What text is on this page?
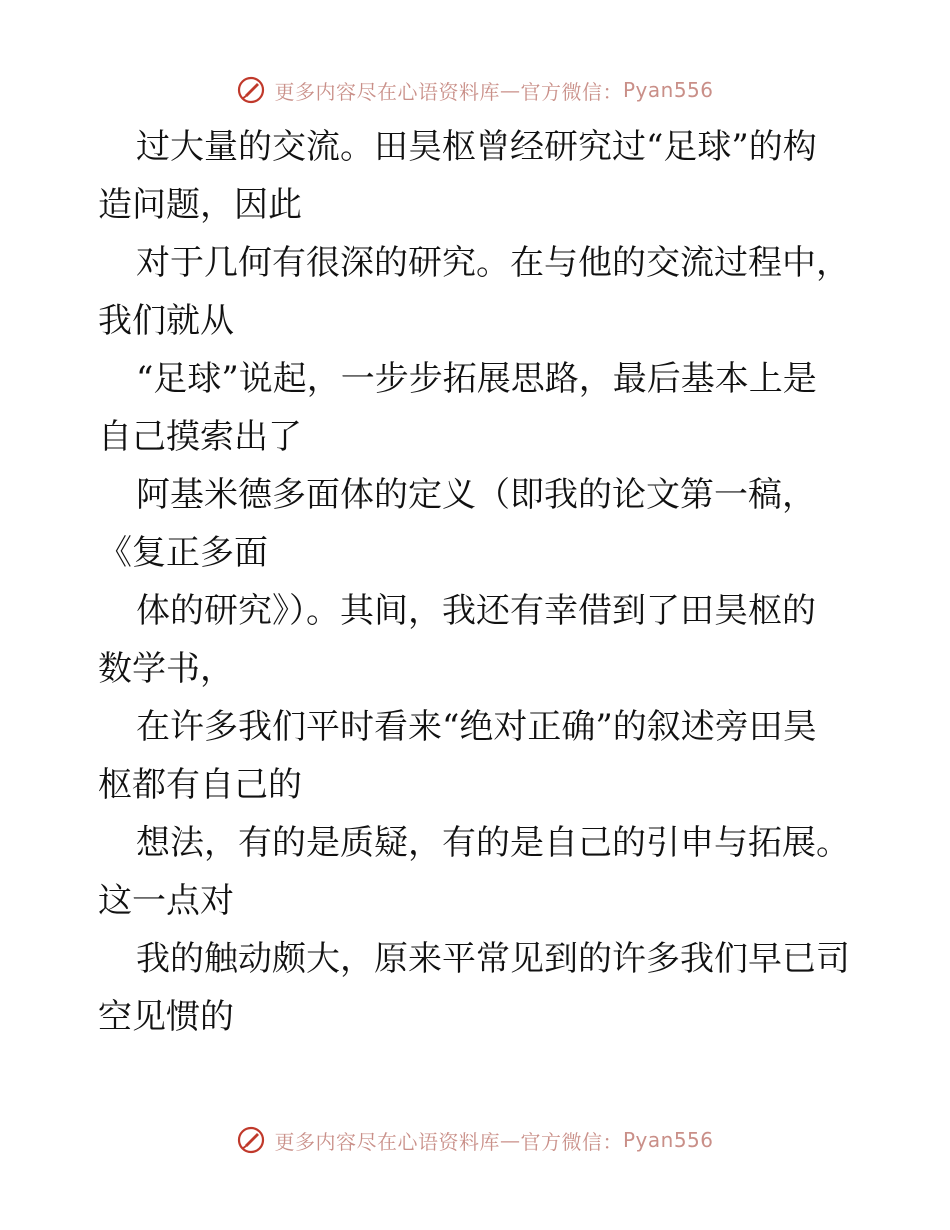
更多内容尽在心语资料库 — 官方微信： Pyan556
过大量的交流。田昊枢曾经研究过“足球”的构
造问题，因此
对于几何有很深的研究。在与他的交流过程中，
我们就从
“足球”说起，一步步拓展思路，最后基本上是
自己摸索出了
阿基米德多面体的定义（即我的论文第一稿，
《复正多面
体的研究》）。其间，我还有幸借到了田昊枢的
数学书，
在许多我们平时看来“绝对正确”的叙述旁田昊
枢都有自己的
想法，有的是质疑，有的是自己的引申与拓展。
这一点对
我的触动颇大，原来平常见到的许多我们早已司
空见惯的
更多内容尽在心语资料库 — 官方微信： Pyan556
